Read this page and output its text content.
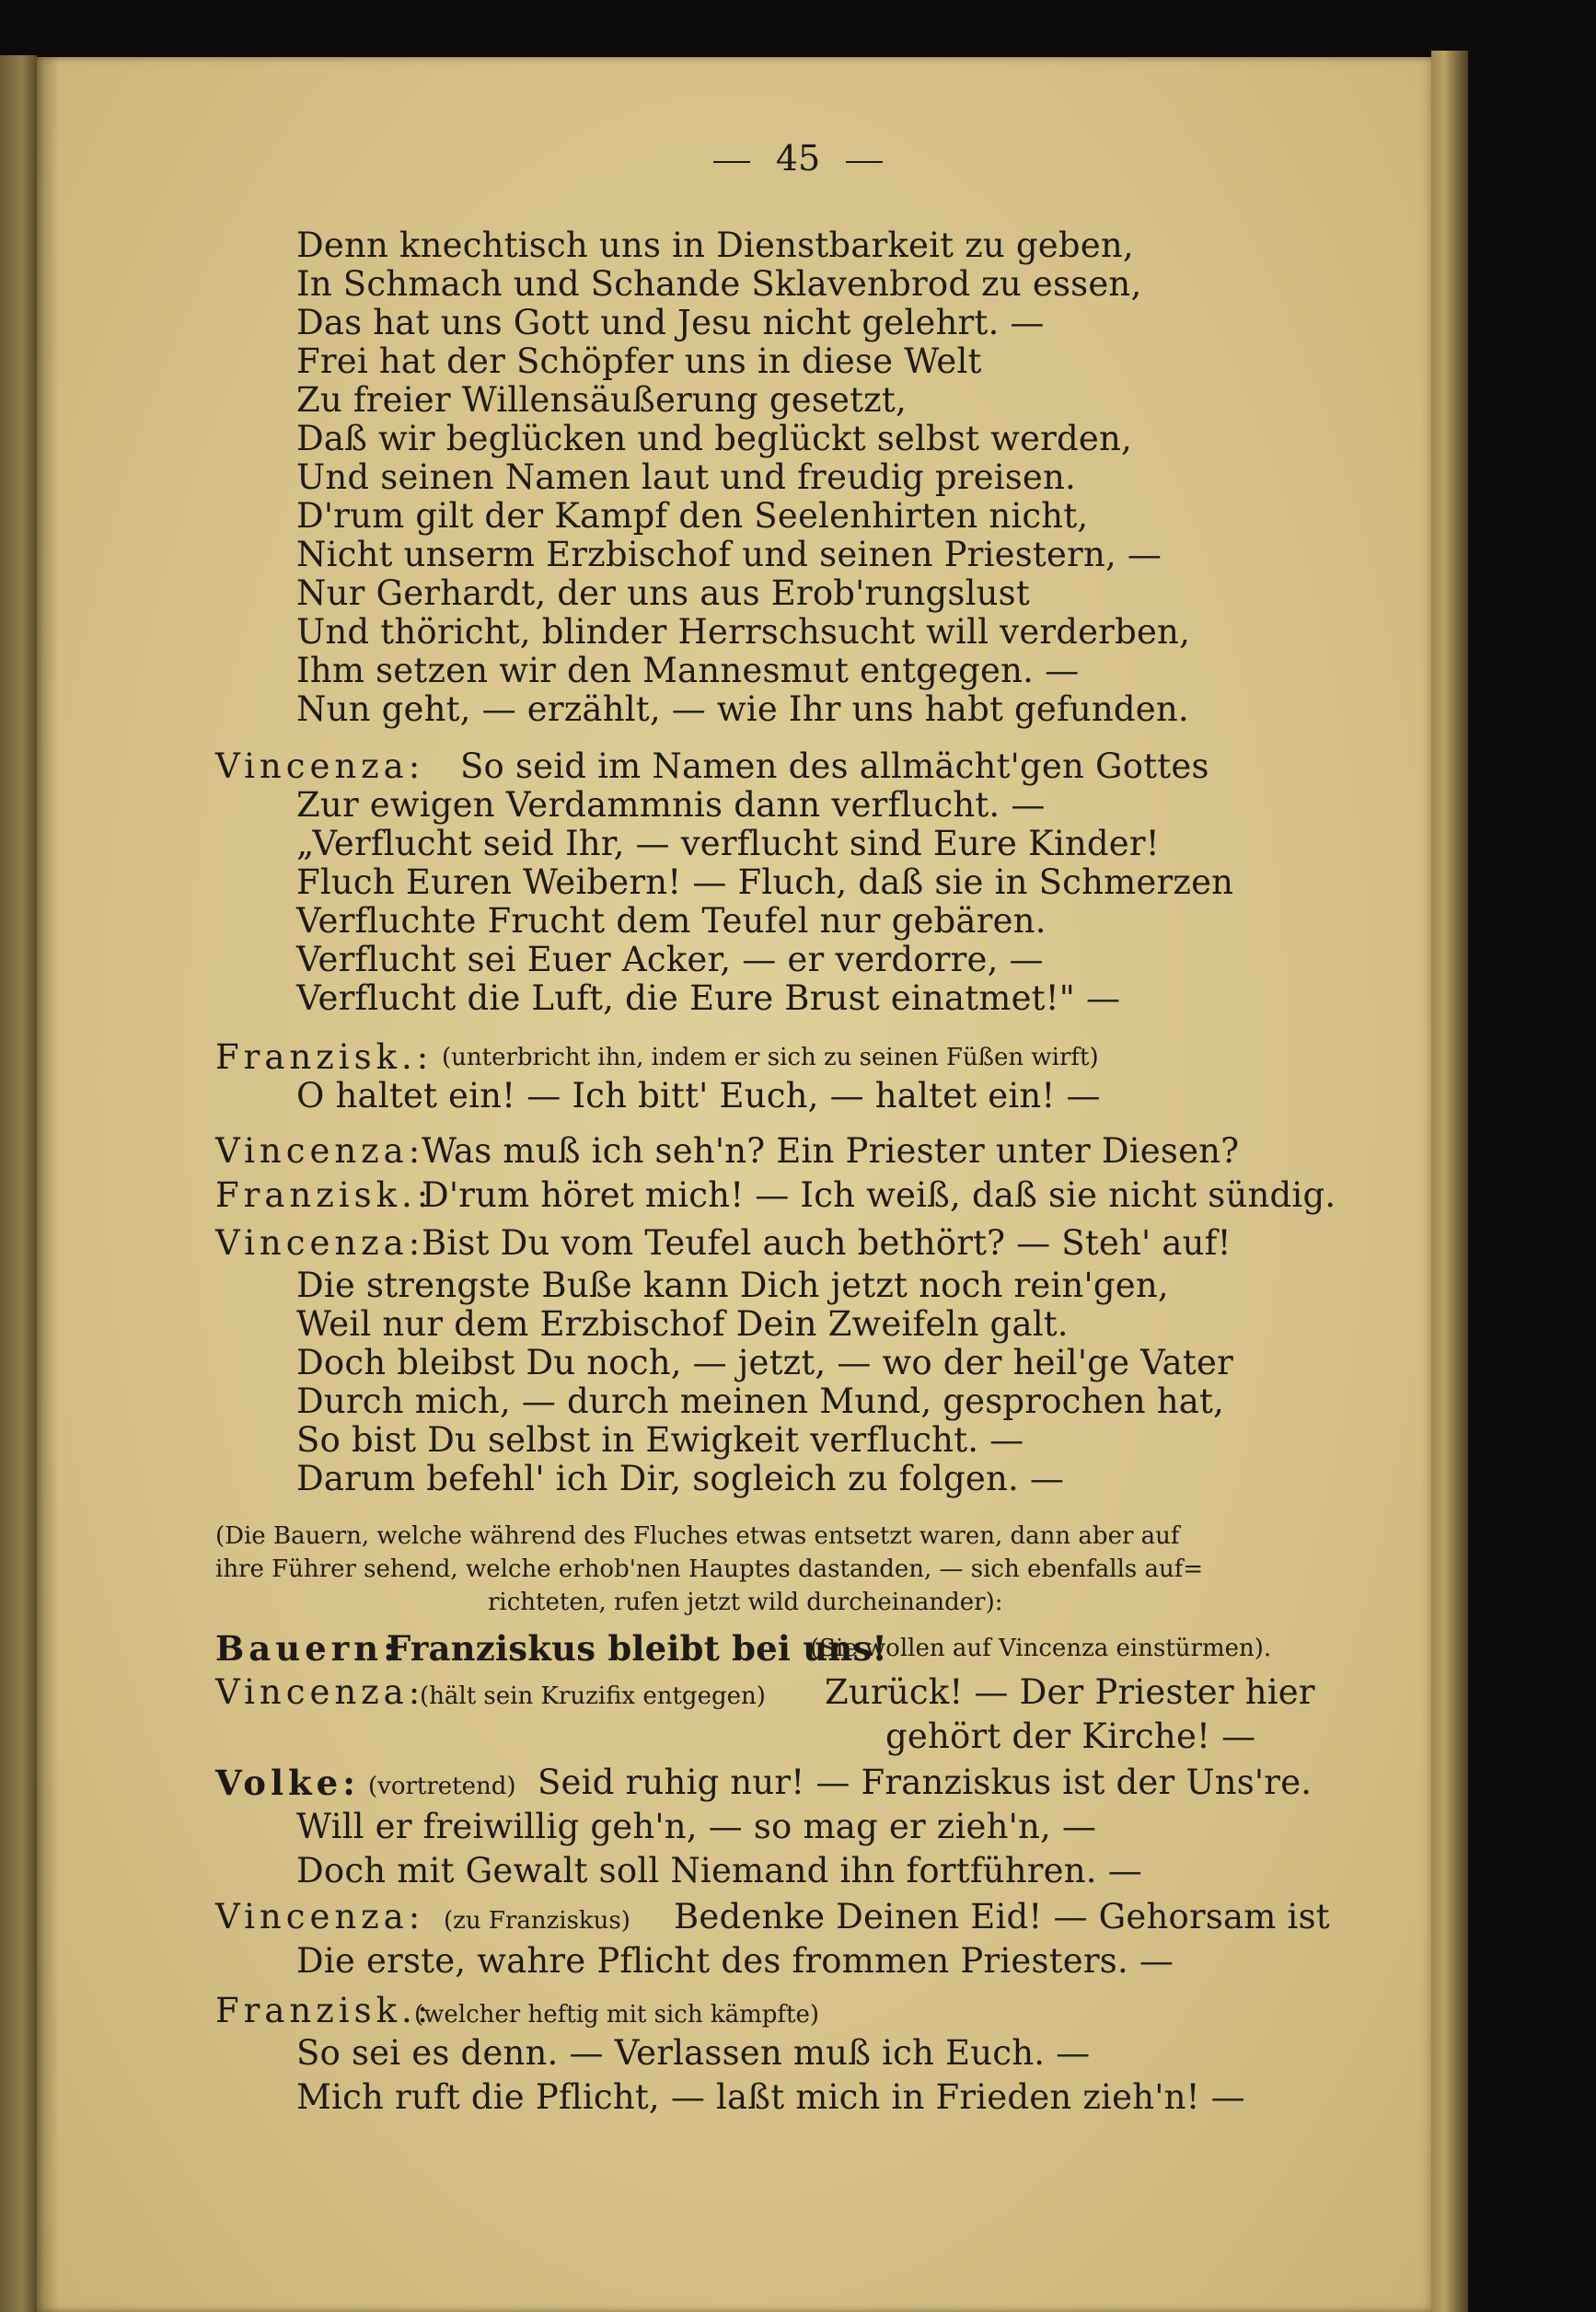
45
Denn knechtisch uns in Dienstbarkeit zu geben,
In Schmach und Schande Sklavenbrod zu essen,
Das hat uns Gott und Jesu nicht gelehrt. —
Frei hat der Schöpfer uns in diese Welt
Zu freier Willensäußerung gesetzt,
Daß wir beglücken und beglückt selbst werden,
Und seinen Namen laut und freudig preisen.
D'rum gilt der Kampf den Seelenhirten nicht,
Nicht unserm Erzbischof und seinen Priestern, —
Nur Gerhardt, der uns aus Erob'rungslust
Und thöricht, blinder Herrschsucht will verderben,
Ihm setzen wir den Mannesmut entgegen. —
Nun geht, — erzählt, — wie Ihr uns habt gefunden.
Vincenza: So seid im Namen des allmächt'gen Gottes
Zur ewigen Verdammnis dann verflucht. —
„Verflucht seid Ihr, — verflucht sind Eure Kinder!
Fluch Euren Weibern! — Fluch, daß sie in Schmerzen
Verfluchte Frucht dem Teufel nur gebären.
Verflucht sei Euer Acker, — er verdorre, —
Verflucht die Luft, die Eure Brust einatmet!" —
Franzisk.: (unterbricht ihn, indem er sich zu seinen Füßen wirft)
O haltet ein! — Ich bitt' Euch, — haltet ein! —
Vincenza:
Was muß ich seh'n? Ein Priester unter Diesen?
Franzisk.:
D'rum höret mich! — Ich weiß, daß sie nicht sündig.
Vincenza:
Bist Du vom Teufel auch bethört? — Steh' auf!
Die strengste Buße kann Dich jetzt noch rein'gen,
Weil nur dem Erzbischof Dein Zweifeln galt.
Doch bleibst Du noch, — jetzt, — wo der heil'ge Vater
Durch mich, — durch meinen Mund, gesprochen hat,
So bist Du selbst in Ewigkeit verflucht. —
Darum befehl' ich Dir, sogleich zu folgen. —
(Die Bauern, welche während des Fluches etwas entsetzt waren, dann aber auf
ihre Führer sehend, welche erhob'nen Hauptes dastanden, — sich ebenfalls auf=
richteten, rufen jetzt wild durcheinander):
Bauern:
Franziskus bleibt bei uns!
(Sie wollen auf Vincenza einstürmen).
Vincenza:
(hält sein Kruzifix entgegen) Zurück! — Der Priester hier
gehört der Kirche! —
Volke: (vortretend) Seid ruhig nur! — Franziskus ist der Uns're.
Will er freiwillig geh'n, — so mag er zieh'n, —
Doch mit Gewalt soll Niemand ihn fortführen. —
Vincenza: (zu Franziskus) Bedenke Deinen Eid! — Gehorsam ist
Die erste, wahre Pflicht des frommen Priesters. —
Franzisk.:
(welcher heftig mit sich kämpfte)
So sei es denn. — Verlassen muß ich Euch. —
Mich ruft die Pflicht, — laßt mich in Frieden zieh'n! —
